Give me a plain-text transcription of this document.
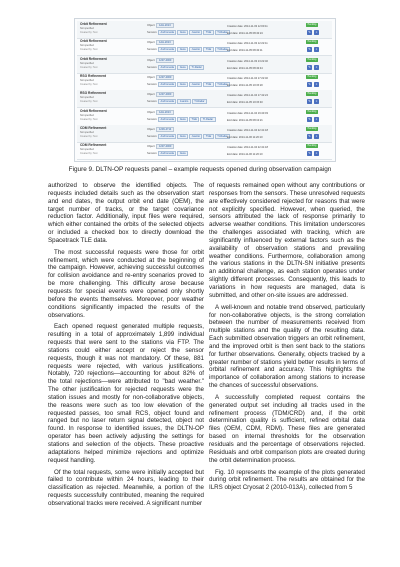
Orbit Refinement
Not specified
Created by: Test
Object: 1AH-2013
Sensors: Andromeda Aiwa Juanito TGE TI-Radar
Creation date: 2014-11-03 12:00:11
End date: 2014-11-05 08:43:24
Pending
✎	×
Orbit Refinement
Not specified
Created by: Test
Object: 1AH-2013
Sensors: Andromeda Aiwa Juanito TGE TI-Radar
Creation date: 2014-11-03 12:22:11
End date: 2014-11-05 08:43:11
Pending
✎	×
Orbit Refinement
Not specified
Created by: Test
Object: 1237-4000
Sensors: Andromeda Aiwa TI-Radar
Creation date: 2014-11-03 13:22:40
End date: 2014-11-05 08:43:44
Pending
✎	×
RSO Refinement
Not specified
Created by: Test
Object: 1237-4000
Sensors: Andromeda Aiwa Juanito TGE TI-Radar
Creation date: 2014-11-04 17:22:40
End date: 2014-11-05 10:15:20
Pending
✎	×
RSO Refinement
Not specified
Created by: Test
Object: 1237-4000
Sensors: Andromeda Juanito TI-Radar
Creation date: 2014-11-04 17:42:24
End date: 2014-11-05 10:15:40
Pending
✎	×
Orbit Refinement
Not specified
Created by: Test
Object: 1AH-2013
Sensors: Andromeda Aiwa TGE TI-Radar
Creation date: 2014-11-04 19:43:03
End date: 2014-11-05 08:13:21
Pending
✎	×
CDM Refinement
Not specified
Created by: Test
Object: 1239-4714
Sensors: Andromeda Aiwa Juanito TGE TI-Radar
Creation date: 2014-11-04 22:41:18
End date: 2014-11-06 11:20:10
Pending
✎	×
CDM Refinement
Not specified
Created by: Test
Object: 1237-4000
Sensors: Andromeda Aiwa
Creation date: 2014-11-04 22:41:18
End date: 2014-11-06 11:20:10
Pending
✎	×
Figure 9. DLTN-OP requests panel – example requests opened during observation campaign

authorized to observe the identified objects. The requests included details such as the observation start and end dates, the output orbit end date (OEM), the target number of tracks, or the target covariance reduction factor. Additionally, input files were required, which either contained the orbits of the selected objects or included a checked box to directly download the Spacetrack TLE data.

The most successful requests were those for orbit refinement, which were conducted at the beginning of the campaign. However, achieving successful outcomes for collision avoidance and re-entry scenarios proved to be more challenging. This difficulty arose because requests for special events were opened only shortly before the events themselves. Moreover, poor weather conditions significantly impacted the results of the observations.

Each opened request generated multiple requests, resulting in a total of approximately 1,899 individual requests that were sent to the stations via FTP. The stations could either accept or reject the sensor requests, though it was not mandatory. Of these, 881 requests were rejected, with various justifications. Notably, 720 rejections—accounting for about 82% of the total rejections—were attributed to "bad weather." The other justification for rejected requests were the station issues and mostly for non-collaborative objects, the reasons were such as too low elevation of the requested passes, too small RCS, object found and ranged but no laser return signal detected, object not found. In response to identified issues, the DLTN-OP operator has been actively adjusting the settings for stations and selection of the objects. These proactive adaptations helped minimize rejections and optimize request handling.

Of the total requests, some were initially accepted but failed to contribute within 24 hours, leading to their classification as rejected. Meanwhile, a portion of the requests successfully contributed, meaning the required observational tracks were received. A significant number

of requests remained open without any contributions or responses from the sensors. These unresolved requests are effectively considered rejected for reasons that were not explicitly specified. However, when queried, the sensors attributed the lack of response primarily to adverse weather conditions. This limitation underscores the challenges associated with tracking, which are significantly influenced by external factors such as the availability of observation stations and prevailing weather conditions. Furthermore, collaboration among the various stations in the DLTN-SN initiative presents an additional challenge, as each station operates under slightly different processes. Consequently, this leads to variations in how requests are managed, data is submitted, and other on-site issues are addressed.

A well-known and notable trend observed, particularly for non-collaborative objects, is the strong correlation between the number of measurements received from multiple stations and the quality of the resulting data. Each submitted observation triggers an orbit refinement, and the improved orbit is then sent back to the stations for further observations. Generally, objects tracked by a greater number of stations yield better results in terms of orbital refinement and accuracy. This highlights the importance of collaboration among stations to increase the chances of successful observations.

A successfully completed request contains the generated output set including all tracks used in the refinement process (TDM/CRD) and, if the orbit determination quality is sufficient, refined orbital data files (OEM, CDM, RDM). These files are generated based on internal thresholds for the observation residuals and the percentage of observations rejected. Residuals and orbit comparison plots are created during the orbit determination process.

Fig. 10 represents the example of the plots generated during orbit refinement. The results are obtained for the ILRS object Cryosat 2 (2010-013A), collected from 5
